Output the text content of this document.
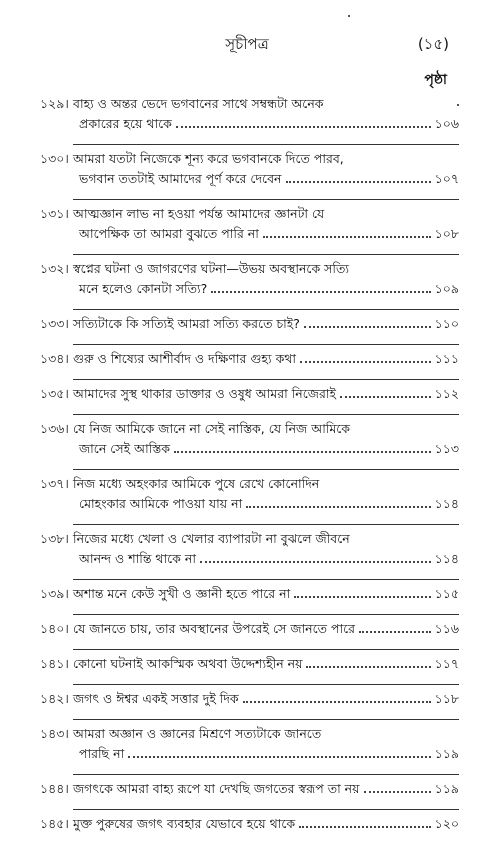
সূচীপত্র	(১৫)
পৃষ্ঠা
১২৯। বাহ্য ও অন্তর ভেদে ভগবানের সাথে সম্বন্ধটা অনেক
প্রকারের হয়ে থাকে	১০৬
১৩০। আমরা যতটা নিজেকে শূন্য করে ভগবানকে দিতে পারব,
ভগবান ততটাই আমাদের পূর্ণ করে দেবেন	১০৭
১৩১। আত্মজ্ঞান লাভ না হওয়া পর্যন্ত আমাদের জ্ঞানটা যে
আপেক্ষিক তা আমরা বুঝতে পারি না	১০৮
১৩২। স্বপ্নের ঘটনা ও জাগরণের ঘটনা—উভয় অবস্থানকে সত্যি
মনে হলেও কোনটা সত্যি?	১০৯
১৩৩। সত্যিটাকে কি সত্যিই আমরা সত্যি করতে চাই?	১১০
১৩৪। গুরু ও শিষ্যের আশীর্বাদ ও দক্ষিণার গুহ্য কথা	১১১
১৩৫। আমাদের সুস্থ থাকার ডাক্তার ও ওষুধ আমরা নিজেরাই	১১২
১৩৬। যে নিজ আমিকে জানে না সেই নাস্তিক, যে নিজ আমিকে
জানে সেই আস্তিক	১১৩
১৩৭। নিজ মধ্যে অহংকার আমিকে পুষে রেখে কোনোদিন
মোহংকার আমিকে পাওয়া যায় না	১১৪
১৩৮। নিজের মধ্যে খেলা ও খেলার ব্যাপারটা না বুঝলে জীবনে
আনন্দ ও শান্তি থাকে না	১১৪
১৩৯। অশান্ত মনে কেউ সুখী ও জ্ঞানী হতে পারে না	১১৫
১৪০। যে জানতে চায়, তার অবস্থানের উপরেই সে জানতে পারে	১১৬
১৪১। কোনো ঘটনাই আকস্মিক অথবা উদ্দেশ্যহীন নয়	১১৭
১৪২। জগৎ ও ঈশ্বর একই সত্তার দুই দিক	১১৮
১৪৩। আমরা অজ্ঞান ও জ্ঞানের মিশ্রণে সত্যটাকে জানতে
পারছি না	১১৯
১৪৪। জগৎকে আমরা বাহ্য রূপে যা দেখছি জগতের স্বরূপ তা নয়	১১৯
১৪৫। মুক্ত পুরুষের জগৎ ব্যবহার যেভাবে হয়ে থাকে	১২০
